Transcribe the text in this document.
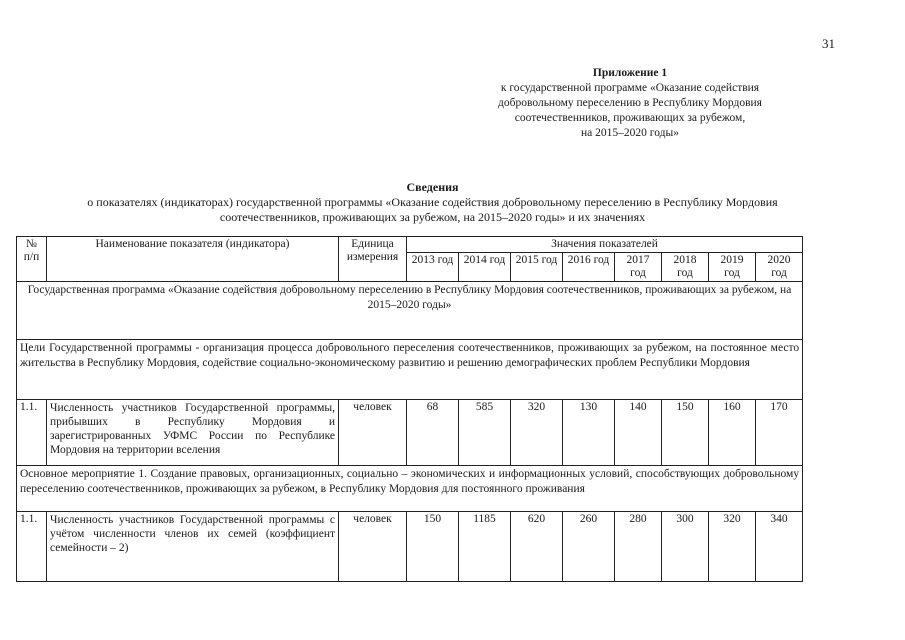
31
Приложение 1
к государственной программе «Оказание содействия
добровольному переселению в Республику Мордовия
соотечественников, проживающих за рубежом,
на 2015–2020 годы»
Сведения
о показателях (индикаторах) государственной программы «Оказание содействия добровольному переселению в Республику Мордовия соотечественников, проживающих за рубежом, на 2015–2020 годы» и их значениях
№ п/п	Наименование показателя (индикатора)	Единица измерения	Значения показателей							
			2013 год	2014 год	2015 год	2016 год	2017 год	2018 год	2019 год	2020 год
Государственная программа «Оказание содействия добровольному переселению в Республику Мордовия соотечественников, проживающих за рубежом, на 2015–2020 годы»										
Цели Государственной программы - организация процесса добровольного переселения соотечественников, проживающих за рубежом, на постоянное место жительства в Республику Мордовия, содействие социально-экономическому развитию и решению демографических проблем Республики Мордовия										
1.1.	Численность участников Государственной программы, прибывших в Республику Мордовия и зарегистрированных УФМС России по Республике Мордовия на территории вселения	человек	68	585	320	130	140	150	160	170
Основное мероприятие 1. Создание правовых, организационных, социально – экономических и информационных условий, способствующих добровольному переселению соотечественников, проживающих за рубежом, в Республику Мордовия для постоянного проживания										
1.1.	Численность участников Государственной программы с учётом численности членов их семей (коэффициент семейности – 2)	человек	150	1185	620	260	280	300	320	340
